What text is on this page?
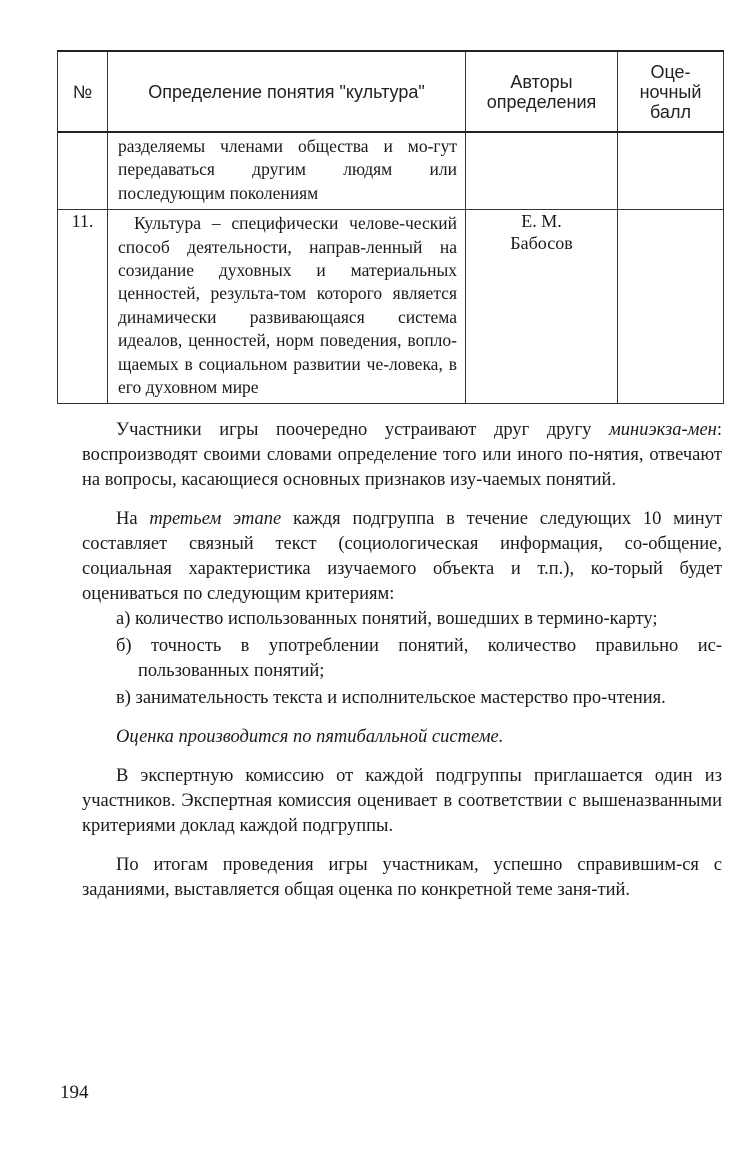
№	Определение понятия "культура"	Авторы определения	Оце-ночный балл

	разделяемы членами общества и мо-гут передаваться другим людям или последующим поколениям		

11.	Культура – специфически челове-ческий способ деятельности, направ-ленный на созидание духовных и материальных ценностей, результа-том которого является динамически развивающаяся система идеалов, ценностей, норм поведения, вопло-щаемых в социальном развитии че-ловека, в его духовном мире	Е. М. Бабосов	

Участники игры поочередно устраивают друг другу миниэкза-мен: воспроизводят своими словами определение того или иного по-нятия, отвечают на вопросы, касающиеся основных признаков изу-чаемых понятий.

На третьем этапе каждя подгруппа в течение следующих 10 минут составляет связный текст (социологическая информация, со-общение, социальная характеристика изучаемого объекта и т.п.), ко-торый будет оцениваться по следующим критериям:

а) количество использованных понятий, вошедших в термино-карту;
б) точность в употреблении понятий, количество правильно ис-пользованных понятий;
в) занимательность текста и исполнительское мастерство про-чтения.

Оценка производится по пятибалльной системе.

В экспертную комиссию от каждой подгруппы приглашается один из участников. Экспертная комиссия оценивает в соответствии с вышеназванными критериями доклад каждой подгруппы.

По итогам проведения игры участникам, успешно справившим-ся с заданиями, выставляется общая оценка по конкретной теме заня-тий.

194
